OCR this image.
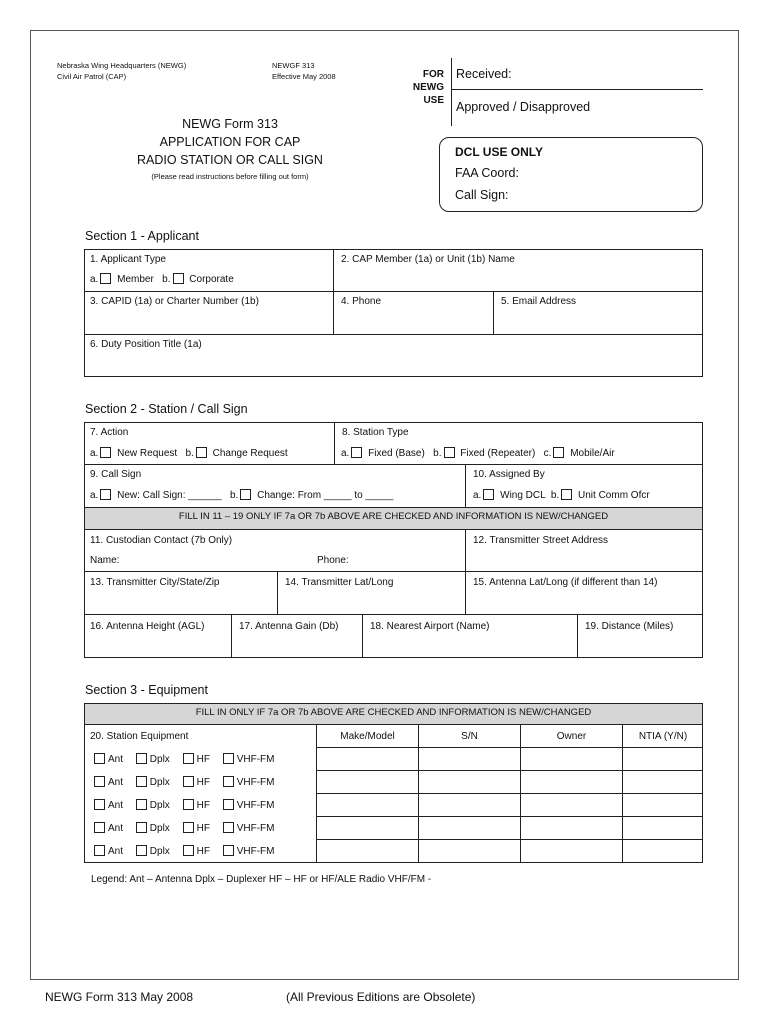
Nebraska Wing Headquarters (NEWG)
Civil Air Patrol (CAP)
NEWGF 313
Effective May 2008	FOR
NEWG
USE
Received:
Approved / Disapproved
NEWG Form 313
APPLICATION FOR CAP
RADIO STATION OR CALL SIGN
(Please read instructions before filling out form)
DCL USE ONLY
FAA Coord:
Call Sign:
Section 1 - Applicant
1. Applicant Type
a. Member b. Corporate
2. CAP Member (1a) or Unit (1b) Name
3. CAPID (1a) or Charter Number (1b)	4. Phone	5. Email Address
6. Duty Position Title (1a)
Section 2 - Station / Call Sign
7. Action
a. New Request b. Change Request
8. Station Type
a. Fixed (Base) b. Fixed (Repeater) c. Mobile/Air
9. Call Sign
a. New: Call Sign: ______ b. Change: From _____ to _____
10. Assigned By
a. Wing DCL b. Unit Comm Ofcr
FILL IN 11 – 19 ONLY IF 7a OR 7b ABOVE ARE CHECKED AND INFORMATION IS NEW/CHANGED
11. Custodian Contact (7b Only)
Name:	Phone:
12. Transmitter Street Address
13. Transmitter City/State/Zip	14. Transmitter Lat/Long	15. Antenna Lat/Long (if different than 14)
16. Antenna Height (AGL)	17. Antenna Gain (Db)	18. Nearest Airport (Name)	19. Distance (Miles)
Section 3 - Equipment
FILL IN ONLY IF 7a OR 7b ABOVE ARE CHECKED AND INFORMATION IS NEW/CHANGED
20. Station Equipment	Make/Model	S/N	Owner	NTIA (Y/N)
Ant	Dplx	HF	VHF-FM
Ant	Dplx	HF	VHF-FM
Ant	Dplx	HF	VHF-FM
Ant	Dplx	HF	VHF-FM
Ant	Dplx	HF	VHF-FM
Legend: Ant – Antenna Dplx – Duplexer HF – HF or HF/ALE Radio VHF/FM -
NEWG Form 313 May 2008	(All Previous Editions are Obsolete)
